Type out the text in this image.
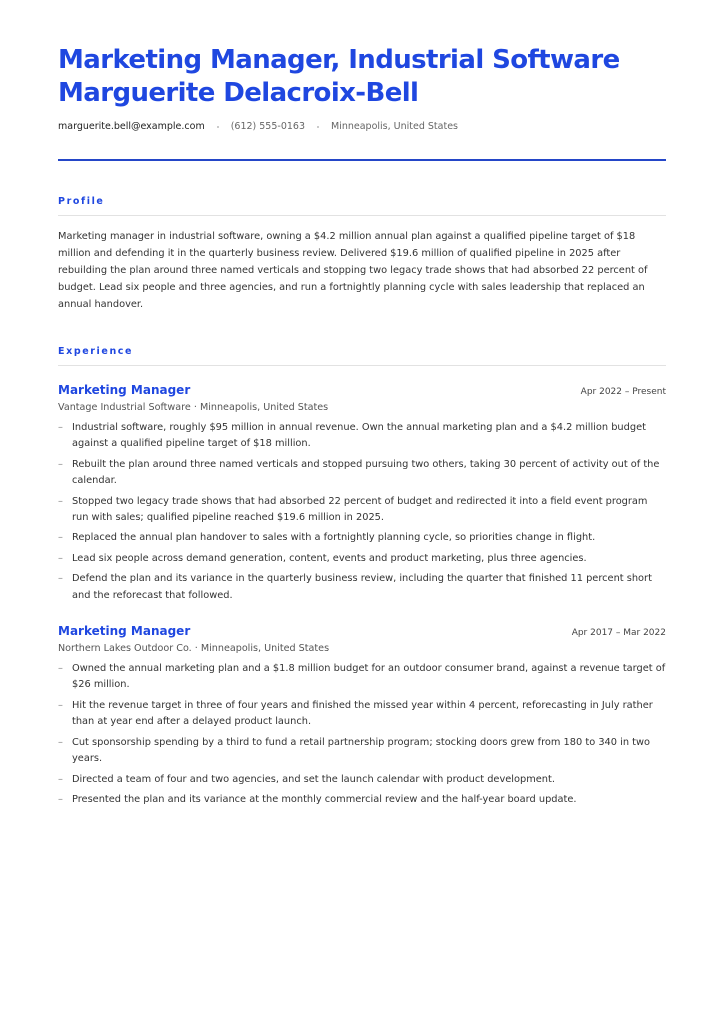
Marketing Manager, Industrial Software
Marguerite Delacroix-Bell
marguerite.bell@example.com	(612) 555-0163	Minneapolis, United States
Profile

Marketing manager in industrial software, owning a $4.2 million annual plan against a qualified pipeline target of $18 million and defending it in the quarterly business review. Delivered $19.6 million of qualified pipeline in 2025 after rebuilding the plan around three named verticals and stopping two legacy trade shows that had absorbed 22 percent of budget. Lead six people and three agencies, and run a fortnightly planning cycle with sales leadership that replaced an annual handover.

Experience
Marketing Manager	Apr 2022 – Present
Vantage Industrial Software · Minneapolis, United States
– Industrial software, roughly $95 million in annual revenue. Own the annual marketing plan and a $4.2 million budget against a qualified pipeline target of $18 million.
– Rebuilt the plan around three named verticals and stopped pursuing two others, taking 30 percent of activity out of the calendar.
– Stopped two legacy trade shows that had absorbed 22 percent of budget and redirected it into a field event program run with sales; qualified pipeline reached $19.6 million in 2025.
– Replaced the annual plan handover to sales with a fortnightly planning cycle, so priorities change in flight.
– Lead six people across demand generation, content, events and product marketing, plus three agencies.
– Defend the plan and its variance in the quarterly business review, including the quarter that finished 11 percent short and the reforecast that followed.
Marketing Manager	Apr 2017 – Mar 2022
Northern Lakes Outdoor Co. · Minneapolis, United States
– Owned the annual marketing plan and a $1.8 million budget for an outdoor consumer brand, against a revenue target of $26 million.
– Hit the revenue target in three of four years and finished the missed year within 4 percent, reforecasting in July rather than at year end after a delayed product launch.
– Cut sponsorship spending by a third to fund a retail partnership program; stocking doors grew from 180 to 340 in two years.
– Directed a team of four and two agencies, and set the launch calendar with product development.
– Presented the plan and its variance at the monthly commercial review and the half-year board update.
